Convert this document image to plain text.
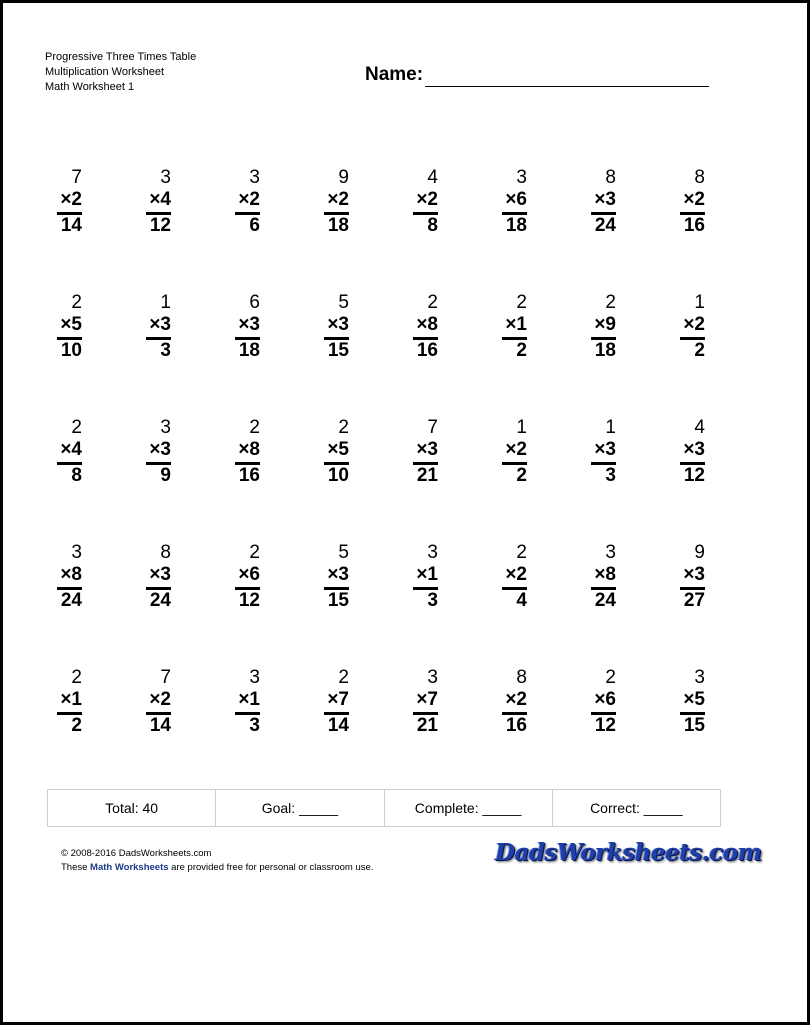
Progressive Three Times Table
Multiplication Worksheet
Math Worksheet 1
Name:
7
×2
14
3
×4
12
3
×2
6
9
×2
18
4
×2
8
3
×6
18
8
×3
24
8
×2
16
2
×5
10
1
×3
3
6
×3
18
5
×3
15
2
×8
16
2
×1
2
2
×9
18
1
×2
2
2
×4
8
3
×3
9
2
×8
16
2
×5
10
7
×3
21
1
×2
2
1
×3
3
4
×3
12
3
×8
24
8
×3
24
2
×6
12
5
×3
15
3
×1
3
2
×2
4
3
×8
24
9
×3
27
2
×1
2
7
×2
14
3
×1
3
2
×7
14
3
×7
21
8
×2
16
2
×6
12
3
×5
15
Total: 40	Goal: _____	Complete: _____	Correct: _____
© 2008-2016 DadsWorksheets.com
These Math Worksheets are provided free for personal or classroom use.
DadsWorksheets.com
